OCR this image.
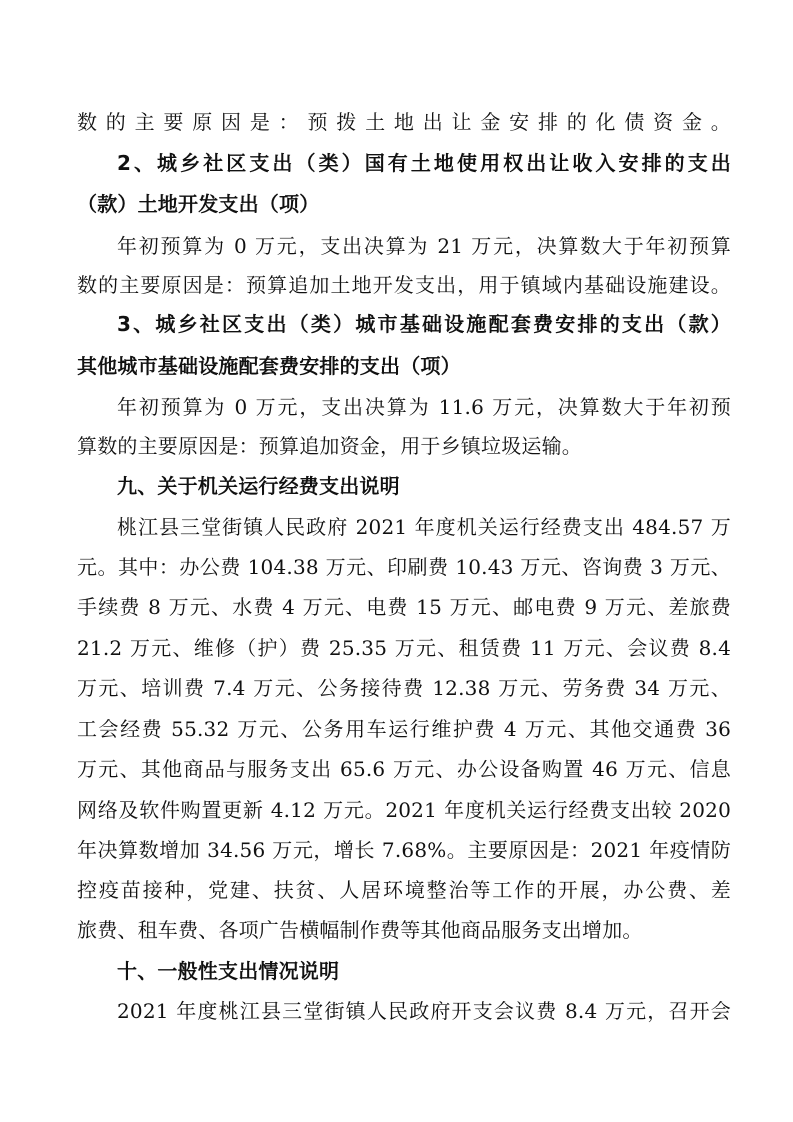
数的主要原因是：预拨土地出让金安排的化债资金。
2、城乡社区支出（类）国有土地使用权出让收入安排的支出
（款）土地开发支出（项）
年初预算为 0 万元，支出决算为 21 万元，决算数大于年初预算
数的主要原因是：预算追加土地开发支出，用于镇域内基础设施建设。
3、城乡社区支出（类）城市基础设施配套费安排的支出（款）
其他城市基础设施配套费安排的支出（项）
年初预算为 0 万元，支出决算为 11.6 万元，决算数大于年初预
算数的主要原因是：预算追加资金，用于乡镇垃圾运输。
九、关于机关运行经费支出说明
桃江县三堂街镇人民政府 2021 年度机关运行经费支出 484.57 万
元。其中：办公费 104.38 万元、印刷费 10.43 万元、咨询费 3 万元、
手续费 8 万元、水费 4 万元、电费 15 万元、邮电费 9 万元、差旅费
21.2 万元、维修（护）费 25.35 万元、租赁费 11 万元、会议费 8.4
万元、培训费 7.4 万元、公务接待费 12.38 万元、劳务费 34 万元、
工会经费 55.32 万元、公务用车运行维护费 4 万元、其他交通费 36
万元、其他商品与服务支出 65.6 万元、办公设备购置 46 万元、信息
网络及软件购置更新 4.12 万元。2021 年度机关运行经费支出较 2020
年决算数增加 34.56 万元，增长 7.68%。主要原因是：2021 年疫情防
控疫苗接种，党建、扶贫、人居环境整治等工作的开展，办公费、差
旅费、租车费、各项广告横幅制作费等其他商品服务支出增加。
十、一般性支出情况说明
2021 年度桃江县三堂街镇人民政府开支会议费 8.4 万元，召开会
